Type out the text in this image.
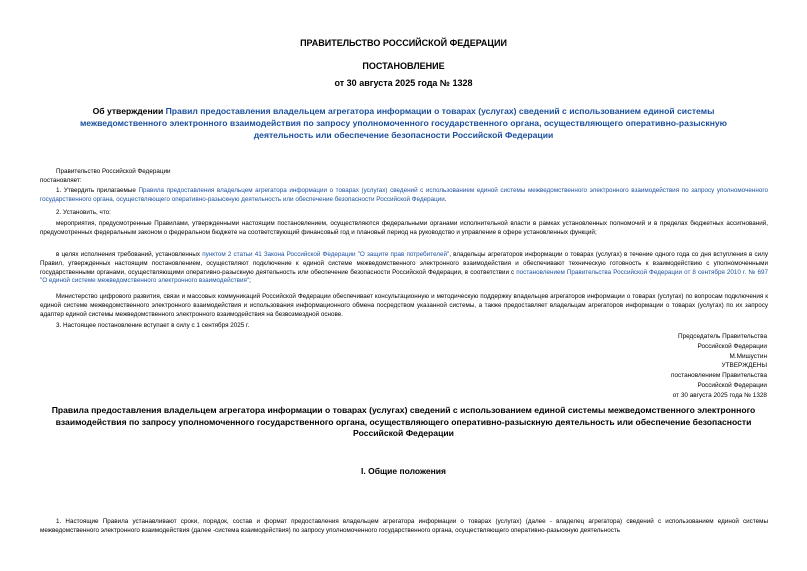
ПРАВИТЕЛЬСТВО РОССИЙСКОЙ ФЕДЕРАЦИИ
ПОСТАНОВЛЕНИЕ
от 30 августа 2025 года № 1328
Об утверждении Правил предоставления владельцем агрегатора информации о товарах (услугах) сведений с использованием единой системы межведомственного электронного взаимодействия по запросу уполномоченного государственного органа, осуществляющего оперативно-разыскную деятельность или обеспечение безопасности Российской Федерации
Правительство Российской Федерации
постановляет:
1. Утвердить прилагаемые Правила предоставления владельцем агрегатора информации о товарах (услугах) сведений с использованием единой системы межведомственного электронного взаимодействия по запросу уполномоченного государственного органа, осуществляющего оперативно-разыскную деятельность или обеспечение безопасности Российской Федерации.
2. Установить, что:
мероприятия, предусмотренные Правилами, утвержденными настоящим постановлением, осуществляются федеральными органами исполнительной власти в рамках установленных полномочий и в пределах бюджетных ассигнований, предусмотренных федеральным законом о федеральном бюджете на соответствующий финансовый год и плановый период на руководство и управление в сфере установленных функций;
в целях исполнения требований, установленных пунктом 2 статьи 41 Закона Российской Федерации "О защите прав потребителей", владельцы агрегаторов информации о товарах (услугах) в течение одного года со дня вступления в силу Правил, утвержденных настоящим постановлением, осуществляют подключение к единой системе межведомственного электронного взаимодействия и обеспечивают техническую готовность к взаимодействию с уполномоченными государственными органами, осуществляющими оперативно-разыскную деятельность или обеспечение безопасности Российской Федерации, в соответствии с постановлением Правительства Российской Федерации от 8 сентября 2010 г. № 697 "О единой системе межведомственного электронного взаимодействия";
Министерство цифрового развития, связи и массовых коммуникаций Российской Федерации обеспечивает консультационную и методическую поддержку владельцев агрегаторов информации о товарах (услугах) по вопросам подключения к единой системе межведомственного электронного взаимодействия и использования информационного обмена посредством указанной системы, а также предоставляет владельцам агрегаторов информации о товарах (услугах) по их запросу адаптер единой системы межведомственного электронного взаимодействия на безвозмездной основе.
3. Настоящее постановление вступает в силу с 1 сентября 2025 г.
Председатель Правительства
Российской Федерации
М.Мишустин
УТВЕРЖДЕНЫ
постановлением Правительства
Российской Федерации
от 30 августа 2025 года № 1328
Правила предоставления владельцем агрегатора информации о товарах (услугах) сведений с использованием единой системы межведомственного электронного взаимодействия по запросу уполномоченного государственного органа, осуществляющего оперативно-разыскную деятельность или обеспечение безопасности Российской Федерации
I. Общие положения
1. Настоящие Правила устанавливают сроки, порядок, состав и формат предоставления владельцем агрегатора информации о товарах (услугах) (далее - владелец агрегатора) сведений с использованием единой системы межведомственного электронного взаимодействия (далее -система взаимодействия) по запросу уполномоченного государственного органа, осуществляющего оперативно-разыскную деятельность
